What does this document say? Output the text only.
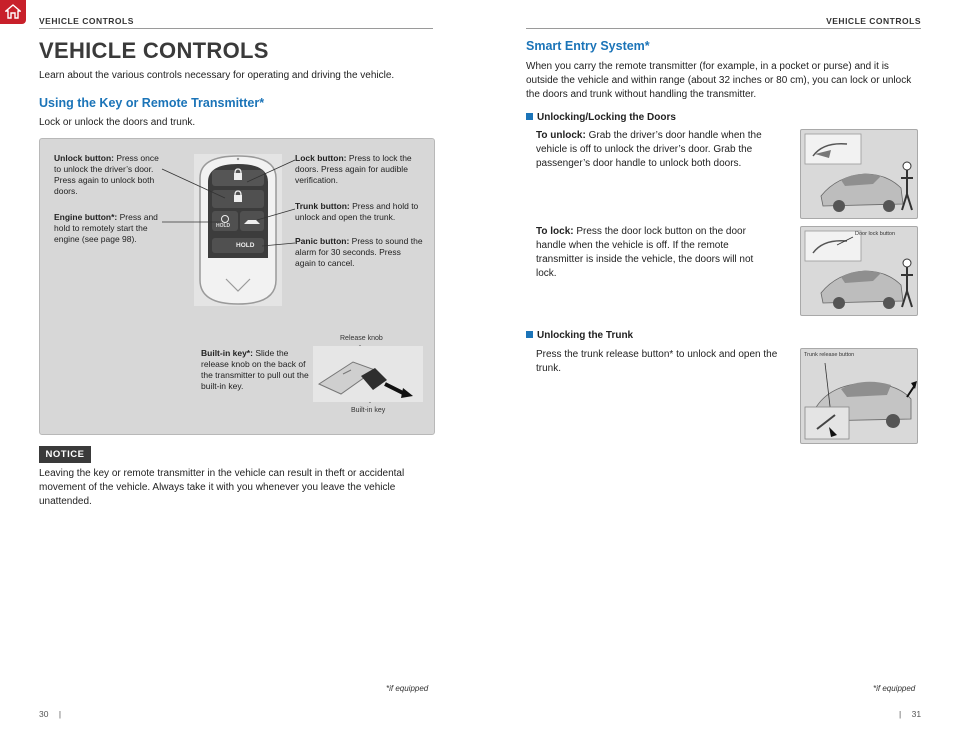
VEHICLE CONTROLS	VEHICLE CONTROLS
VEHICLE CONTROLS
Learn about the various controls necessary for operating and driving the vehicle.
Using the Key or Remote Transmitter*
Lock or unlock the doors and trunk.
HOLD
HOLD
Unlock button: Press once to unlock the driver’s door. Press again to unlock both doors.
Engine button*: Press and hold to remotely start the engine (see page 98).
Lock button: Press to lock the doors. Press again for audible verification.
Trunk button: Press and hold to unlock and open the trunk.
Panic button: Press to sound the alarm for 30 seconds. Press again to cancel.
Built-in key*: Slide the release knob on the back of the transmitter to pull out the built-in key.
Release knob
Built-in key
NOTICE
Leaving the key or remote transmitter in the vehicle can result in theft or accidental movement of the vehicle. Always take it with you whenever you leave the vehicle unattended.
*if equipped
30 |
Smart Entry System*
When you carry the remote transmitter (for example, in a pocket or purse) and it is outside the vehicle and within range (about 32 inches or 80 cm), you can lock or unlock the doors and trunk without handling the transmitter.
Unlocking/Locking the Doors
To unlock: Grab the driver’s door handle when the vehicle is off to unlock the driver’s door. Grab the passenger’s door handle to unlock both doors.
To lock: Press the door lock button on the door handle when the vehicle is off. If the remote transmitter is inside the vehicle, the doors will not lock.
Unlocking the Trunk
Press the trunk release button* to unlock and open the trunk.
Door lock button
Trunk release button
*if equipped
| 31
